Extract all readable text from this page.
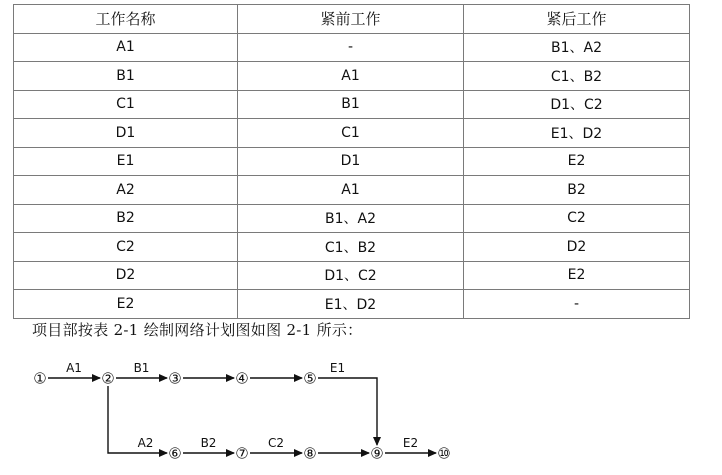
工作名称	紧前工作	紧后工作
A1	-	B1、A2
B1	A1	C1、B2
C1	B1	D1、C2
D1	C1	E1、D2
E1	D1	E2
A2	A1	B2
B2	B1、A2	C2
C2	C1、B2	D2
D2	D1、C2	E2
E2	E1、D2	-
项目部按表 2-1 绘制网络计划图如图 2-1 所示：
A1	B1	E1
A2	B2	C2	E2
①	②	③	④	⑤
⑥	⑦	⑧	⑨	⑩
